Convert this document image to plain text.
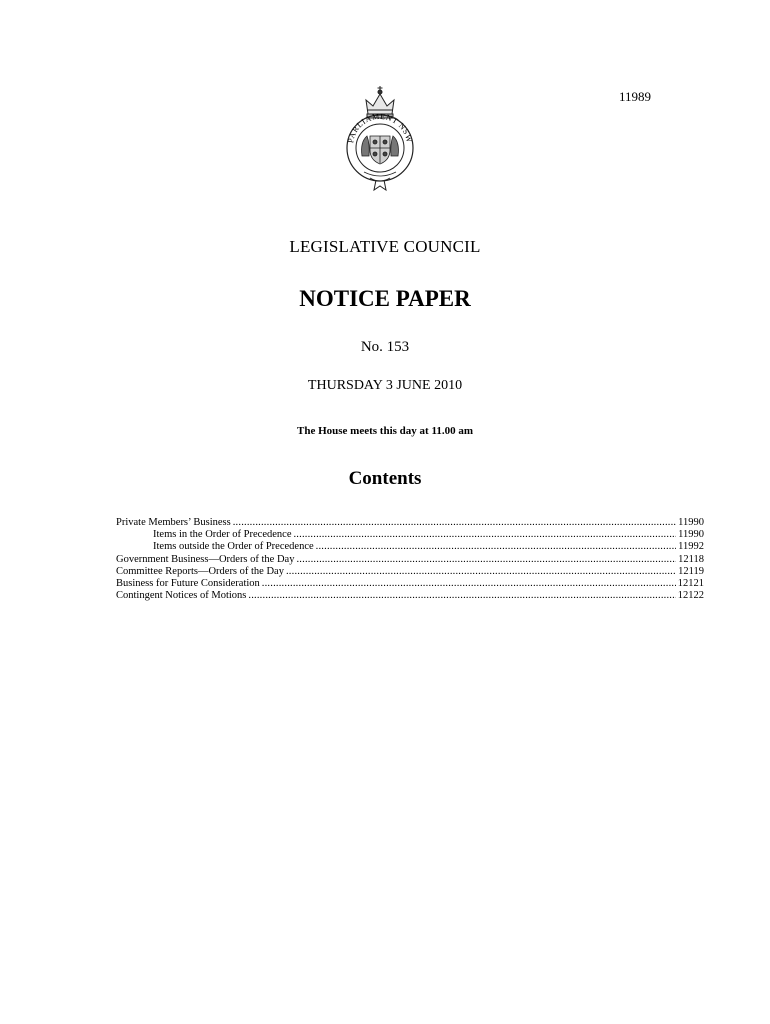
11989
PARLIAMENT NSW
LEGISLATIVE COUNCIL
NOTICE PAPER
No. 153
THURSDAY 3 JUNE 2010
The House meets this day at 11.00 am
Contents
Private Members’ Business .....	11990
Items in the Order of Precedence .....	11990
Items outside the Order of Precedence .....	11992
Government Business—Orders of the Day .....	12118
Committee Reports—Orders of the Day .....	12119
Business for Future Consideration .....	12121
Contingent Notices of Motions .....	12122
